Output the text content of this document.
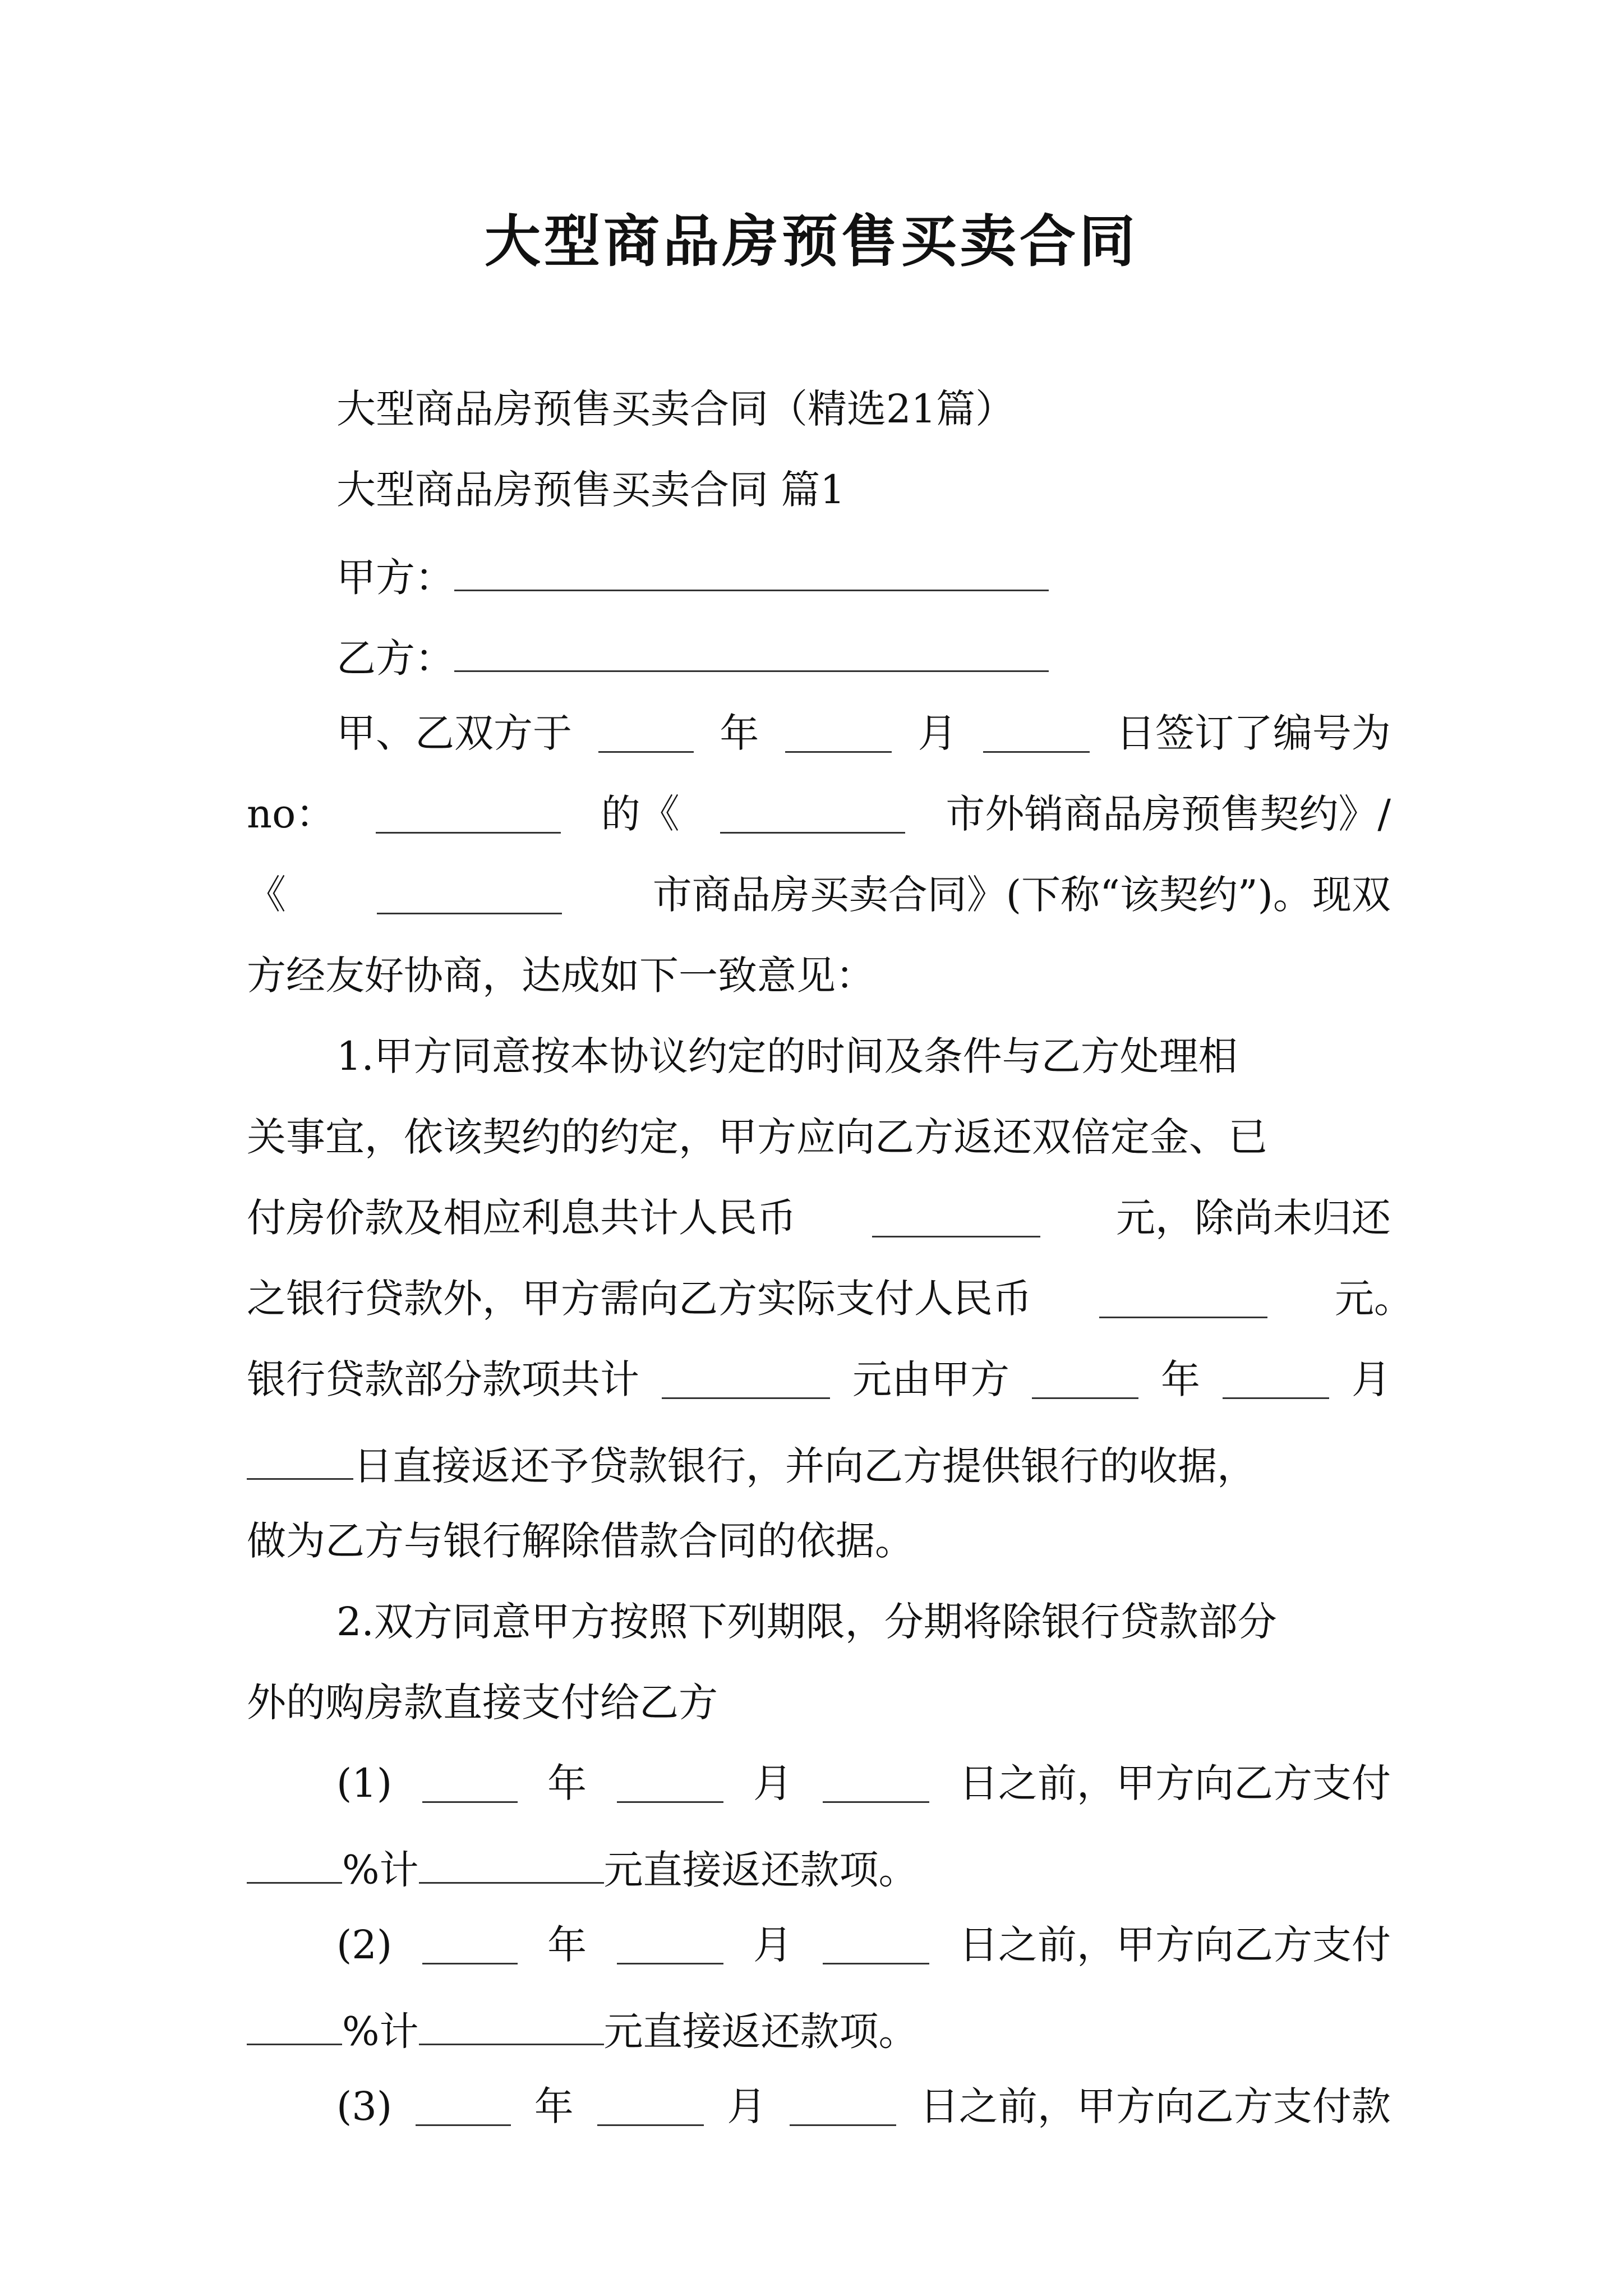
大型商品房预售买卖合同
大型商品房预售买卖合同（精选21篇）
大型商品房预售买卖合同 篇1
甲方：
乙方：
甲、乙双方于	年	月	日签订了编号为
no：	的《	市外销商品房预售契约》/
《	市商品房买卖合同》(下称“该契约”)。现双
方经友好协商，达成如下一致意见：
1.甲方同意按本协议约定的时间及条件与乙方处理相
关事宜，依该契约的约定，甲方应向乙方返还双倍定金、已
付房价款及相应利息共计人民币	元，除尚未归还
之银行贷款外，甲方需向乙方实际支付人民币	元。
银行贷款部分款项共计	元由甲方	年	月
日直接返还予贷款银行，并向乙方提供银行的收据，
做为乙方与银行解除借款合同的依据。
2.双方同意甲方按照下列期限，分期将除银行贷款部分
外的购房款直接支付给乙方
(1)	年	月	日之前，甲方向乙方支付
%计	元直接返还款项。
(2)	年	月	日之前，甲方向乙方支付
%计	元直接返还款项。
(3)	年	月	日之前，甲方向乙方支付款
